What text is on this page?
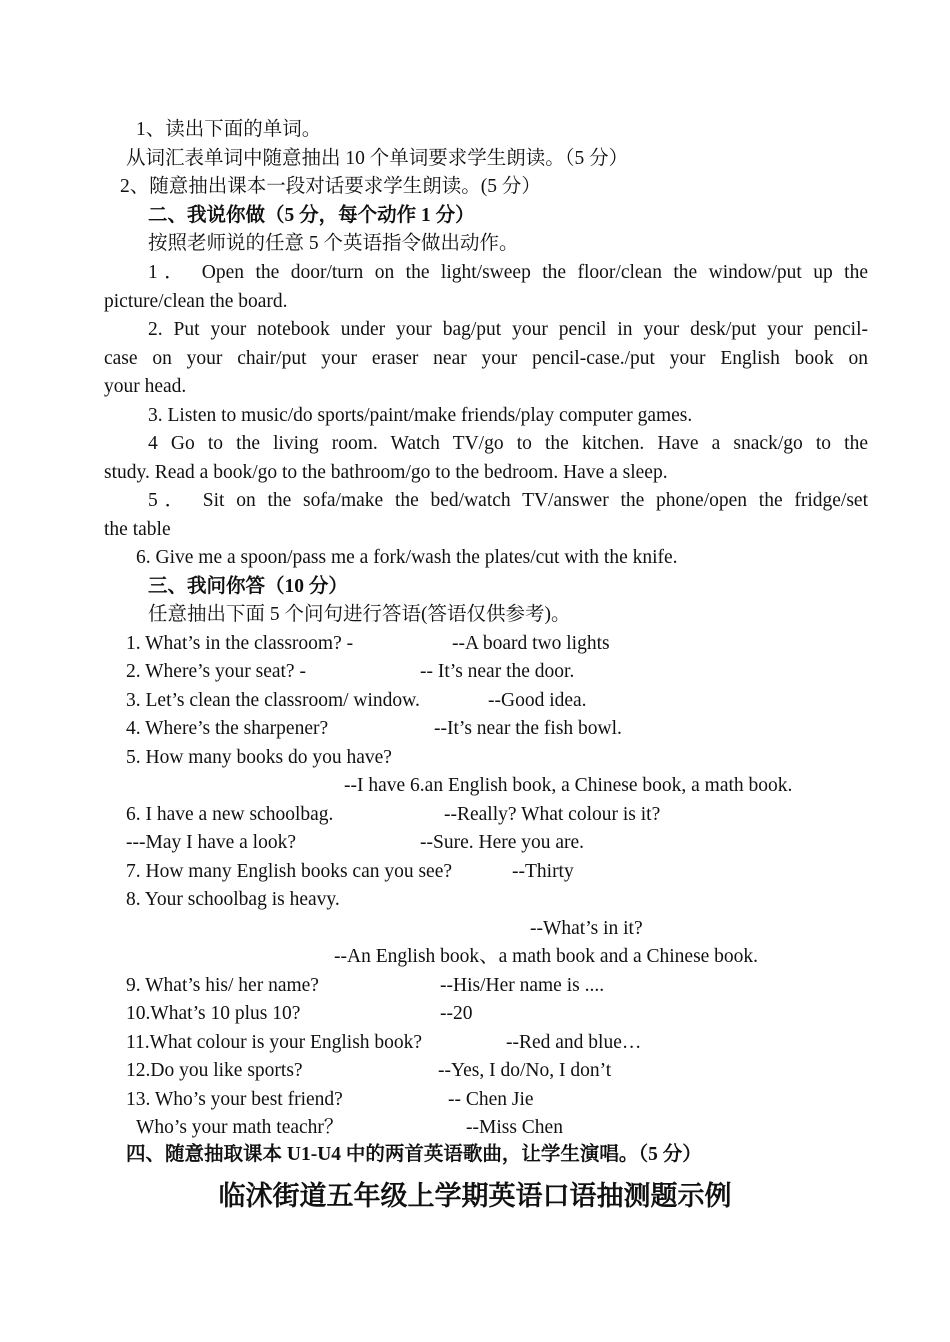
1、读出下面的单词。
从词汇表单词中随意抽出 10 个单词要求学生朗读。（5 分）
2、随意抽出课本一段对话要求学生朗读。(5 分）
二、我说你做（5 分，每个动作 1 分）
按照老师说的任意 5 个英语指令做出动作。
1． Open the door/turn on the light/sweep the floor/clean the window/put up the
picture/clean the board.
2. Put your notebook under your bag/put your pencil in your desk/put your pencil-
case on your chair/put your eraser near your pencil-case./put your English book on
your head.
3. Listen to music/do sports/paint/make friends/play computer games.
4 Go to the living room. Watch TV/go to the kitchen. Have a snack/go to the
study. Read a book/go to the bathroom/go to the bedroom. Have a sleep.
5． Sit on the sofa/make the bed/watch TV/answer the phone/open the fridge/set
the table
6. Give me a spoon/pass me a fork/wash the plates/cut with the knife.
三、我问你答（10 分）
任意抽出下面 5 个问句进行答语(答语仅供参考)。
1. What’s in the classroom? -	--A board two lights
2. Where’s your seat? -	-- It’s near the door.
3. Let’s clean the classroom/ window.	--Good idea.
4. Where’s the sharpener?	--It’s near the fish bowl.
5. How many books do you have?
--I have 6.an English book, a Chinese book, a math book.
6. I have a new schoolbag.	--Really? What colour is it?
---May I have a look?	--Sure. Here you are.
7. How many English books can you see?	--Thirty
8. Your schoolbag is heavy.
--What’s in it?
--An English book、a math book and a Chinese book.
9. What’s his/ her name?	--His/Her name is ....
10.What’s 10 plus 10?	--20
11.What colour is your English book?	--Red and blue…
12.Do you like sports?	--Yes, I do/No, I don’t
13. Who’s your best friend?	-- Chen Jie
Who’s your math teachr？	--Miss Chen
四、随意抽取课本 U1-U4 中的两首英语歌曲，让学生演唱。（5 分）
临沭街道五年级上学期英语口语抽测题示例
